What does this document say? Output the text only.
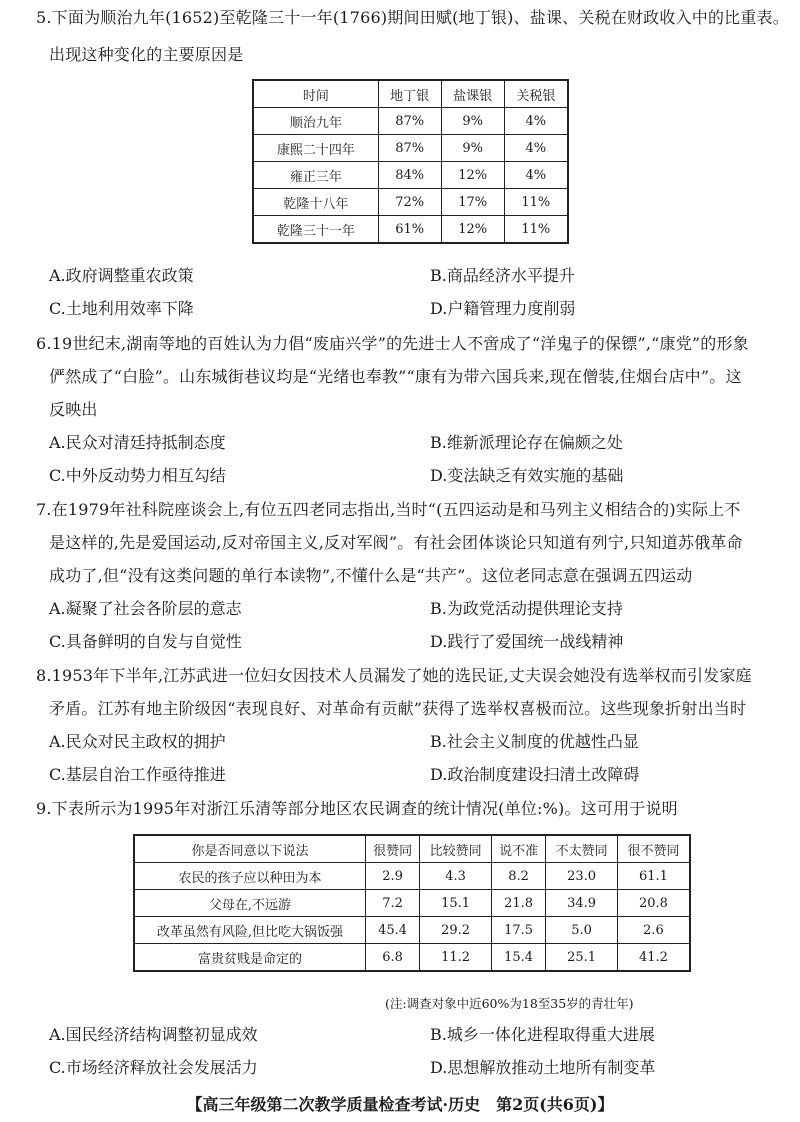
5.下面为顺治九年(1652)至乾隆三十一年(1766)期间田赋(地丁银)、盐课、关税在财政收入中的比重表。
出现这种变化的主要原因是
时间	地丁银	盐课银	关税银
顺治九年	87%	9%	4%
康熙二十四年	87%	9%	4%
雍正三年	84%	12%	4%
乾隆十八年	72%	17%	11%
乾隆三十一年	61%	12%	11%
A.政府调整重农政策	B.商品经济水平提升
C.土地利用效率下降	D.户籍管理力度削弱
6.19世纪末,湖南等地的百姓认为力倡“废庙兴学”的先进士人不啻成了“洋鬼子的保镖”,“康党”的形象
俨然成了“白脸”。山东城街巷议均是“光绪也奉教”“康有为带六国兵来,现在僧装,住烟台店中”。这
反映出
A.民众对清廷持抵制态度	B.维新派理论存在偏颇之处
C.中外反动势力相互勾结	D.变法缺乏有效实施的基础
7.在1979年社科院座谈会上,有位五四老同志指出,当时“(五四运动是和马列主义相结合的)实际上不
是这样的,先是爱国运动,反对帝国主义,反对军阀”。有社会团体谈论只知道有列宁,只知道苏俄革命
成功了,但“没有这类问题的单行本读物”,不懂什么是“共产”。这位老同志意在强调五四运动
A.凝聚了社会各阶层的意志	B.为政党活动提供理论支持
C.具备鲜明的自发与自觉性	D.践行了爱国统一战线精神
8.1953年下半年,江苏武进一位妇女因技术人员漏发了她的选民证,丈夫误会她没有选举权而引发家庭
矛盾。江苏有地主阶级因“表现良好、对革命有贡献”获得了选举权喜极而泣。这些现象折射出当时
A.民众对民主政权的拥护	B.社会主义制度的优越性凸显
C.基层自治工作亟待推进	D.政治制度建设扫清土改障碍
9.下表所示为1995年对浙江乐清等部分地区农民调查的统计情况(单位:%)。这可用于说明
你是否同意以下说法	很赞同	比较赞同	说不准	不太赞同	很不赞同
农民的孩子应以种田为本	2.9	4.3	8.2	23.0	61.1
父母在,不远游	7.2	15.1	21.8	34.9	20.8
改革虽然有风险,但比吃大锅饭强	45.4	29.2	17.5	5.0	2.6
富贵贫贱是命定的	6.8	11.2	15.4	25.1	41.2
(注:调查对象中近60%为18至35岁的青壮年)
A.国民经济结构调整初显成效	B.城乡一体化进程取得重大进展
C.市场经济释放社会发展活力	D.思想解放推动土地所有制变革
【高三年级第二次教学质量检查考试·历史　第2页(共6页)】
